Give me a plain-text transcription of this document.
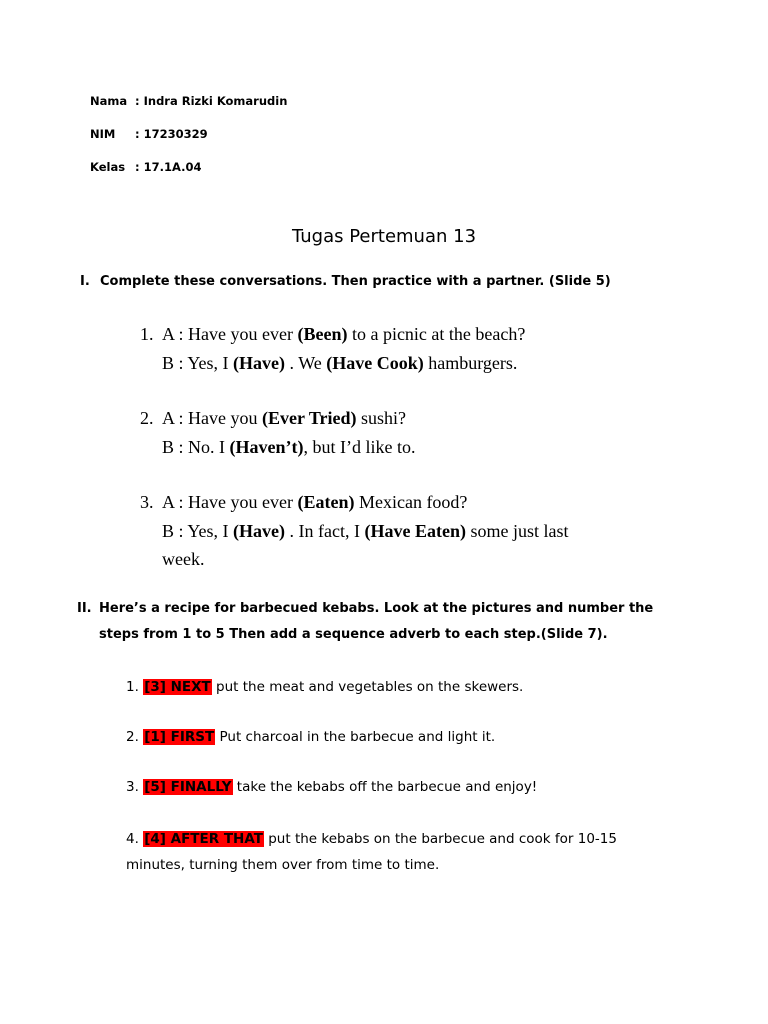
Nama : Indra Rizki Komarudin
NIM : 17230329
Kelas : 17.1A.04
Tugas Pertemuan 13
I. Complete these conversations. Then practice with a partner. (Slide 5)
1. A : Have you ever (Been) to a picnic at the beach?
B : Yes, I (Have) . We (Have Cook) hamburgers.
2. A : Have you (Ever Tried) sushi?
B : No. I (Haven’t), but I’d like to.
3. A : Have you ever (Eaten) Mexican food?
B : Yes, I (Have) . In fact, I (Have Eaten) some just last
week.
II. Here’s a recipe for barbecued kebabs. Look at the pictures and number the
steps from 1 to 5 Then add a sequence adverb to each step.(Slide 7).
1. [3] NEXT put the meat and vegetables on the skewers.
2. [1] FIRST Put charcoal in the barbecue and light it.
3. [5] FINALLY take the kebabs off the barbecue and enjoy!
4. [4] AFTER THAT put the kebabs on the barbecue and cook for 10-15
minutes, turning them over from time to time.
